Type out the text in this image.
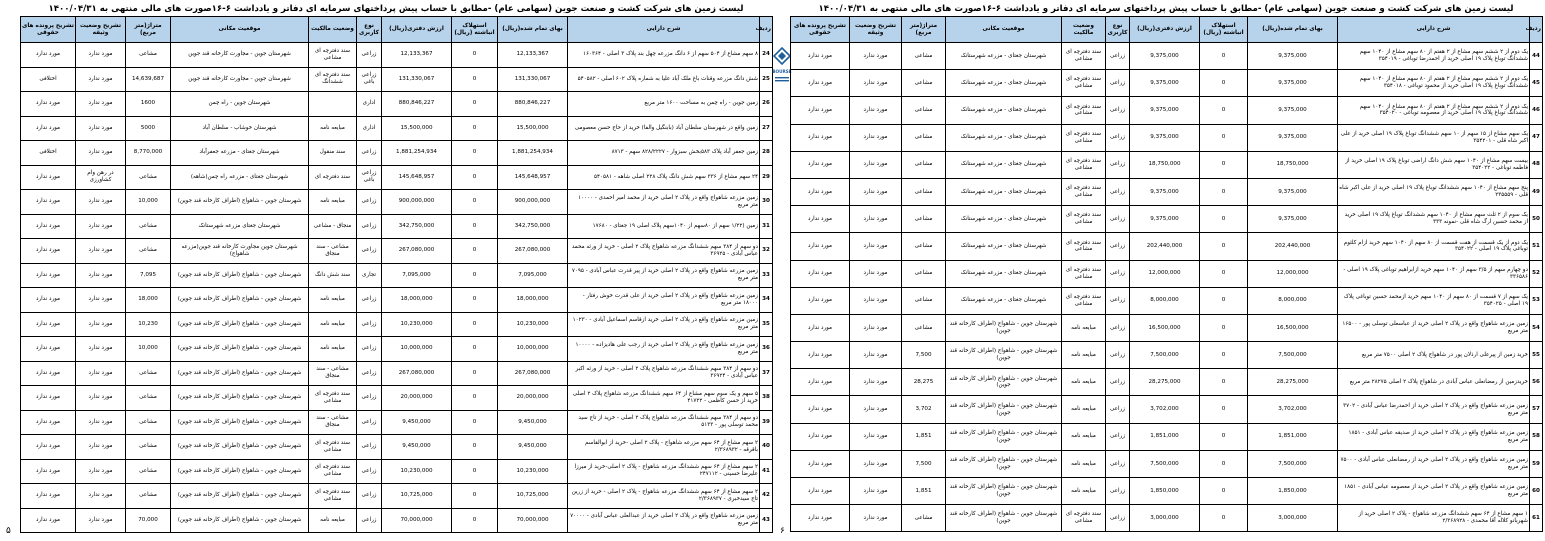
لیست زمین های شرکت کشت و صنعت جوین (سهامی عام) -مطابق با حساب پیش پرداختهای سرمایه ای دفاتر و یادداشت ۶-۱۶صورت های مالی منتهی به ۱۴۰۰/۰۴/۳۱
ردیف	شرح دارایی	بهای تمام شده(ریال)	استهلاک انباشته (ریال)	ارزش دفتری(ریال)	نوع کاربری	وضعیت مالکیت	موقعیت مکانی	متراژ(متر مربع)	تشریح وضعیت وثیقه	تشریح پرونده های حقوقی
24	۸ سهم مشاع از ۵۰۴ سهم از ۶ دانگ مزرعه چهل بند پلاک ۳ اصلی - ۱۶۰۳۶۴	12,133,367	0	12,133,367	زراعی	سند دفترچه ای مشاعی	شهرستان جوین - مجاورت کارخانه قند جوین	مشاعی	مورد ندارد	مورد ندارد
25	شش دانگ مزرعه وقنات باغ ملک آباد علیا به شماره پلاک ۶۰۲ اصلی - ۵۴۰۵۸۲	131,330,067	0	131,330,067	زراعی باغی	سند دفترچه ای ششدانگ	شهرستان جوین - مجاورت کارخانه قند جوین	14,639,687	مورد ندارد	اختلافی
26	زمین جوین - راه چمن به مساحت ۱۶۰۰ متر مربع	880,846,227	0	880,846,227	اداری		شهرستان جوین - راه چمن	1600	مورد ندارد	مورد ندارد
27	زمین واقع در شهرستان سلطان آباد (بابنگیل والفا) خرید از حاج حسن معصومی	15,500,000	0	15,500,000	اداری	مبایعه نامه	شهرستان خوشاب - سلطان آباد	5000	مورد ندارد	مورد ندارد
28	زمین جعفر آباد پلاک ۵۸۳بخش سبزوار - ۸۲۸/۲۲۲۷ سهم - ۸۷۱۳	1,881,254,934	0	1,881,254,934	زراعی	سند منقول	شهرستان جغتای - مزرعه جعفرآباد	8,770,000	مورد ندارد	اختلافی
29	۲۴ سهم مشاع از ۳۳۶ سهم شش دانگ پلاک ۲۲۸ اصلی شاهه - ۵۴۰۵۸۱	145,648,957	0	145,648,957	زراعی باغی	سند دفترچه ای	شهرستان جغتای - مزرعه راه چمن(شاهه)	مشاعی	در رهن وام کشاورزی	مورد ندارد
30	زمین مزرعه شاهواج واقع در پلاک ۲ اصلی خرید از محمد امیر احمدی - ۱۰۰۰۰ متر مربع	900,000,000	0	900,000,000	زراعی	مبایعه نامه	شهرستان جوین - شاهواج (اطراف کارخانه قند جوین)	10,000	مورد ندارد	مورد ندارد
31	زمین (۱/۲۲ سهم از ۸۰سهم از ۱۰۴۰سهم پلاک اصلی ۱۹ جغتای - ۱۷۶۸۰	342,750,000	0	342,750,000	زراعی	منجاق - مشاعی	شهرستان جغتای مزرعه شهرستانک	مشاعی	مورد ندارد	مورد ندارد
32	دو سهم از ۳۸۴ سهم ششدانگ مزرعه شاهواج پلاک ۲ اصلی - خرید از ورثه محمد عباس آبادی - ۳۶۹۲۵	267,080,000	0	267,080,000	زراعی	مشاعی - سند منجاق	شهرستان جوین مجاورت کارخانه قند جوین(مزرعه شاهواج)	مشاعی	مورد ندارد	مورد ندارد
33	زمین مزرعه شاهواج واقع در پلاک ۲ اصلی خرید از پیر قدرت عباس آبادی - ۷۰۹۵ متر مربع	7,095,000	0	7,095,000	تجاری	سند شش دانگ	شهرستان جوین - شاهواج (اطراف کارخانه قند جوین)	7,095	مورد ندارد	مورد ندارد
34	زمین مزرعه شاهواج واقع در پلاک ۲ اصلی خرید از علی قدرت خوش رفتار - ۱۸۰۰۰ متر مربع	18,000,000	0	18,000,000	زراعی	مبایعه نامه	شهرستان جوین - شاهواج (اطراف کارخانه قند جوین)	18,000	مورد ندارد	مورد ندارد
35	زمین مزرعه شاهواج واقع در پلاک ۲ اصلی خرید ازقاسم اسماعیل آبادی - ۱۰۲۳۰ متر مربع	10,230,000	0	10,230,000	زراعی	مبایعه نامه	شهرستان جوین - شاهواج (اطراف کارخانه قند جوین)	10,230	مورد ندارد	مورد ندارد
36	زمین مزرعه شاهواج واقع در پلاک ۲ اصلی خرید از رجب علی هادیزاده - ۱۰۰۰۰ متر مربع	10,000,000	0	10,000,000	زراعی	مبایعه نامه	شهرستان جوین - شاهواج (اطراف کارخانه قند جوین)	10,000	مورد ندارد	مورد ندارد
37	دو سهم از ۳۸۴ سهم ششدانگ مزرعه شاهواج پلاک ۲ اصلی - خرید از ورثه اکبر عباس آبادی - ۳۶۹۲۴	267,080,000	0	267,080,000	زراعی	مشاعی - سند منجاق	شهرستان جوین - شاهواج (اطراف کارخانه قند جوین)	مشاعی	مورد ندارد	مورد ندارد
38	۵ سهم و یک سوم سهم مشاع از ۶۴ سهم ششدانگ مزرعه شاهواج پلاک ۲ اصلی خرید از حسن کاظمی - ۴۱۷۲۲	20,000,000	0	20,000,000	زراعی	سند دفترچه ای مشاعی	شهرستان جوین - شاهواج (اطراف کارخانه قند جوین)	مشاعی	مورد ندارد	مورد ندارد
39	دو سهم از ۳۸۴ سهم ششدانگ مزرعه شاهواج پلاک ۲ اصلی - خرید از تاج سید محمد توسلی پور - ۵۱۳۳	9,450,000	0	9,450,000	زراعی	مشاعی - سند منجاق	شهرستان جوین - شاهواج (اطراف کارخانه قند جوین)	مشاعی	مورد ندارد	مورد ندارد
40	۲ سهم مشاع از ۶۴ سهم مزرعه شاهواج - پلاک ۲ اصلی -خرید از ابوالقاسم باقرقه - ۲/۳۶۸۹۳۲	9,450,000	0	9,450,000	زراعی	سند دفترچه ای مشاعی	شهرستان جوین - شاهواج (اطراف کارخانه قند جوین)	مشاعی	مورد ندارد	مورد ندارد
41	۲ سهم مشاع از ۶۴ سهم ششدانگ مزرعه شاهواج - پلاک ۲ اصلی-خرید از میرزا علیرضا حسینی - ۲۴۷۱۱۲	10,230,000	0	10,230,000	زراعی	سند دفترچه ای مشاعی	شهرستان جوین - شاهواج (اطراف کارخانه قند جوین)	مشاعی	مورد ندارد	مورد ندارد
42	۲ سهم مشاع از ۶۴ سهم ششدانگ مزرعه شاهواج - پلاک ۲ اصلی - خرید از زرین تاج سیدخبری - ۲/۳۶۸۹۳۷	10,725,000	0	10,725,000	زراعی	سند دفترچه ای مشاعی	شهرستان جوین - شاهواج (اطراف کارخانه قند جوین)	مشاعی	مورد ندارد	مورد ندارد
43	زمین مزرعه شاهواج واقع در پلاک ۲ اصلی خرید از عبدالعلی عباس آبادی - ۷۰۰۰۰ متر مربع	70,000,000	0	70,000,000	زراعی	مبایعه نامه	شهرستان جوین - شاهواج (اطراف کارخانه قند جوین)	70,000	مورد ندارد	مورد ندارد
BOURSE
لیست زمین های شرکت کشت و صنعت جوین (سهامی عام) -مطابق با حساب پیش پرداختهای سرمایه ای دفاتر و یادداشت ۶-۱۶صورت های مالی منتهی به ۱۴۰۰/۰۴/۳۱
ردیف	شرح دارایی	بهای تمام شده(ریال)	استهلاک انباشته (ریال)	ارزش دفتری(ریال)	نوع کاربری	وضعیت مالکیت	موقعیت مکانی	متراژ(متر مربع)	تشریح وضعیت وثیقه	تشریح پرونده های حقوقی
44	یک دوم از ۲ ششم سهم مشاع از ۲ هفتم از ۸۰ سهم مشاع از ۱۰۴۰ سهم ششدانگ توباغ پلاک ۱۹ اصلی خرید از احمدرضا توباغی - ۳۵۴۰۱۹	9,375,000	0	9,375,000	زراعی	سند دفترچه ای مشاعی	شهرستان جغتای - مزرعه شهرستانک	مشاعی	مورد ندارد	مورد ندارد
45	یک دوم از ۲ ششم سهم مشاع از ۲ هفتم از ۸۰ سهم مشاع از ۱۰۴۰ سهم ششدانگ توباغ پلاک ۱۹ اصلی خرید از محمود توباغی - ۳۵۴۰۱۸	9,375,000	0	9,375,000	زراعی	سند دفترچه ای مشاعی	شهرستان جغتای - مزرعه شهرستانک	مشاعی	مورد ندارد	مورد ندارد
46	یک دوم از ۲ ششم سهم مشاع از ۲ هفتم از ۸۰ سهم مشاع از ۱۰۴۰ سهم ششدانگ توباغ پلاک ۱۹ اصلی خرید از معصومه توباغی - ۳۵۴۰۲۰	9,375,000	0	9,375,000	زراعی	سند دفترچه ای مشاعی	شهرستان جغتای - مزرعه شهرستانک	مشاعی	مورد ندارد	مورد ندارد
47	یک سهم مشاع از ۱۵ سهم از ۱۰ سهم ششدانگ توباغ پلاک ۱۹ اصلی خرید از علی اکبر شاه قلی - ۳۵۴۲۰۱	9,375,000	0	9,375,000	زراعی	سند دفترچه ای مشاعی	شهرستان جغتای - مزرعه شهرستانک	مشاعی	مورد ندارد	مورد ندارد
48	بیست سهم مشاع از ۱۰۴۰ سهم شش دانگ اراضی توباغ پلاک ۱۹ اصلی خرید از فاطمه توباغی - ۳۵۴۰۲۲	18,750,000	0	18,750,000	زراعی	سند دفترچه ای مشاعی	شهرستان جغتای - مزرعه شهرستانک	مشاعی	مورد ندارد	مورد ندارد
49	پنج سهم مشاع از ۱۰۴۰ سهم ششدانگ توباغ پلاک ۱۹ اصلی خرید از علی اکبر شاه قلی - ۲۳۵۵۵۹	9,375,000	0	9,375,000	زراعی	سند دفترچه ای مشاعی	شهرستان جغتای - مزرعه شهرستانک	مشاعی	مورد ندارد	مورد ندارد
50	یک سوم از ۲ ثلث سهم مشاع از ۱۰۴۰ سهم ششدانگ توباغ پلاک ۱۹ اصلی خرید از محمد حسین ارگ شاه قلی -نمونه ۳۳۳	9,375,000	0	9,375,000	زراعی	سند دفترچه ای مشاعی	شهرستان جغتای - مزرعه شهرستانک	مشاعی	مورد ندارد	مورد ندارد
51	یک دوم از یک قسمت از هفت قسمت از ۸۰ سهم از ۱۰۴۰ سهم خرید ازام کلثوم توباغی پلاک ۱۹ اصلی - ۳۵۴۰۲۲	202,440,000	0	202,440,000	زراعی	سند دفترچه ای مشاعی	شهرستان جغتای - مزرعه شهرستانک	مشاعی	مورد ندارد	مورد ندارد
52	دو چهارم سهم از ۳/۵ سهم از ۱۰۴۰ سهم خرید ازابراهیم توباغی پلاک ۱۹ اصلی - ۳۳۶۵۸۶	12,000,000	0	12,000,000	زراعی	سند دفترچه ای مشاعی	شهرستان جغتای - مزرعه شهرستانک	مشاعی	مورد ندارد	مورد ندارد
53	یک سهم از ۷ قسمت از ۸۰ سهم از ۱۰۴۰ سهم خرید ازمحمد حسین توباغی پلاک ۱۹ اصلی - ۳۵۴۰۲۵	8,000,000	0	8,000,000	زراعی	سند دفترچه ای مشاعی	شهرستان جغتای - مزرعه شهرستانک	مشاعی	مورد ندارد	مورد ندارد
54	زمین مزرعه شاهواج واقع در پلاک ۲ اصلی خرید از عباسعلی توسلی پور - ۱۶۵۰۰ متر مربع	16,500,000	0	16,500,000	زراعی	مبایعه نامه	شهرستان جوین - شاهواج (اطراف کارخانه قند جوین)	مشاعی	مورد ندارد	مورد ندارد
55	خرید زمین از پیرعلی ارذلان پور در شاهواج پلاک ۲ اصلی ۷۵۰۰ متر مربع	7,500,000	0	7,500,000	زراعی	مبایعه نامه	شهرستان جوین - شاهواج (اطراف کارخانه قند جوین)	7,500	مورد ندارد	مورد ندارد
56	خریدزمین از رمضانعلی عباس آبادی در شاهواج پلاک ۲ اصلی ۲۸۲۷۵ متر مربع	28,275,000	0	28,275,000	زراعی	مبایعه نامه	شهرستان جوین - شاهواج (اطراف کارخانه قند جوین)	28,275	مورد ندارد	مورد ندارد
57	زمین مزرعه شاهواج واقع در پلاک ۲ اصلی خرید از احمدرضا عباس آبادی - ۳۷۰۲ متر مربع	3,702,000	0	3,702,000	زراعی	مبایعه نامه	شهرستان جوین - شاهواج (اطراف کارخانه قند جوین)	3,702	مورد ندارد	مورد ندارد
58	زمین مزرعه شاهواج واقع در پلاک ۲ اصلی خرید از صدیقه عباس آبادی - ۱۸۵۱ متر مربع	1,851,000	0	1,851,000	زراعی	مبایعه نامه	شهرستان جوین - شاهواج (اطراف کارخانه قند جوین)	1,851	مورد ندارد	مورد ندارد
59	زمین مزرعه شاهواج واقع در پلاک ۲ اصلی خرید از رمضانعلی عباس آبادی - ۷۵۰۰ متر مربع	7,500,000	0	7,500,000	زراعی	مبایعه نامه	شهرستان جوین - شاهواج (اطراف کارخانه قند جوین)	7,500	مورد ندارد	مورد ندارد
60	زمین مزرعه شاهواج واقع در پلاک ۲ اصلی خرید از معصومه عباس آبادی - ۱۸۵۱ متر مربع	1,850,000	0	1,850,000	زراعی	مبایعه نامه	شهرستان جوین - شاهواج (اطراف کارخانه قند جوین)	1,851	مورد ندارد	مورد ندارد
61	۱ سهم مشاع از ۶۴ سهم ششدانگ مزرعه شاهواج - پلاک ۲ اصلی خرید از شهربانو کلاله آقا محمدی - ۲/۳۶۸۹۲۸	3,000,000	0	3,000,000	زراعی	سند دفترچه ای مشاعی	شهرستان جوین - شاهواج (اطراف کارخانه قند جوین)	مشاعی	مورد ندارد	مورد ندارد
۵	۶
